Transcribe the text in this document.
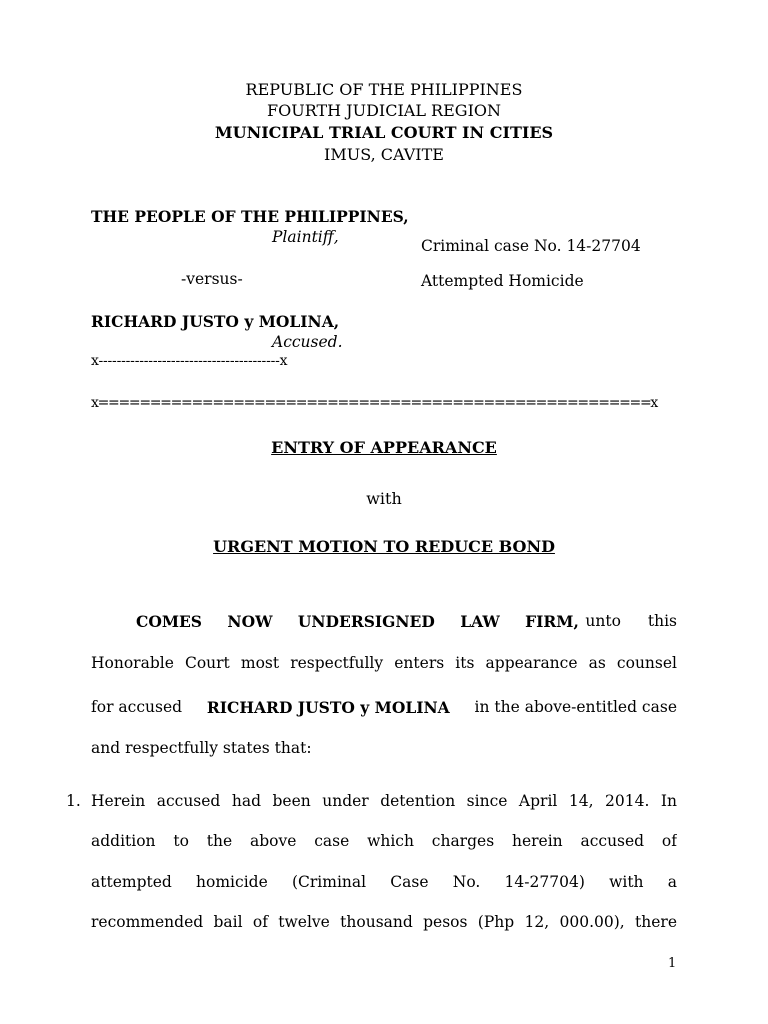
REPUBLIC OF THE PHILIPPINES
FOURTH JUDICIAL REGION
MUNICIPAL TRIAL COURT IN CITIES
IMUS, CAVITE
THE PEOPLE OF THE PHILIPPINES,
Plaintiff,	Criminal case No. 14-27704
-versus-	Attempted Homicide
RICHARD JUSTO y MOLINA,
Accused.
x----------------------------------------x
x=====================================================x
ENTRY OF APPEARANCE
with
URGENT MOTION TO REDUCE BOND
COMES NOW UNDERSIGNED LAW FIRM, unto this
Honorable Court most respectfully enters its appearance as counsel
for accused RICHARD JUSTO y MOLINA in the above-entitled case
and respectfully states that:
1. Herein accused had been under detention since April 14, 2014. In
addition to the above case which charges herein accused of
attempted homicide (Criminal Case No. 14-27704) with a
recommended bail of twelve thousand pesos (Php 12, 000.00), there
1
